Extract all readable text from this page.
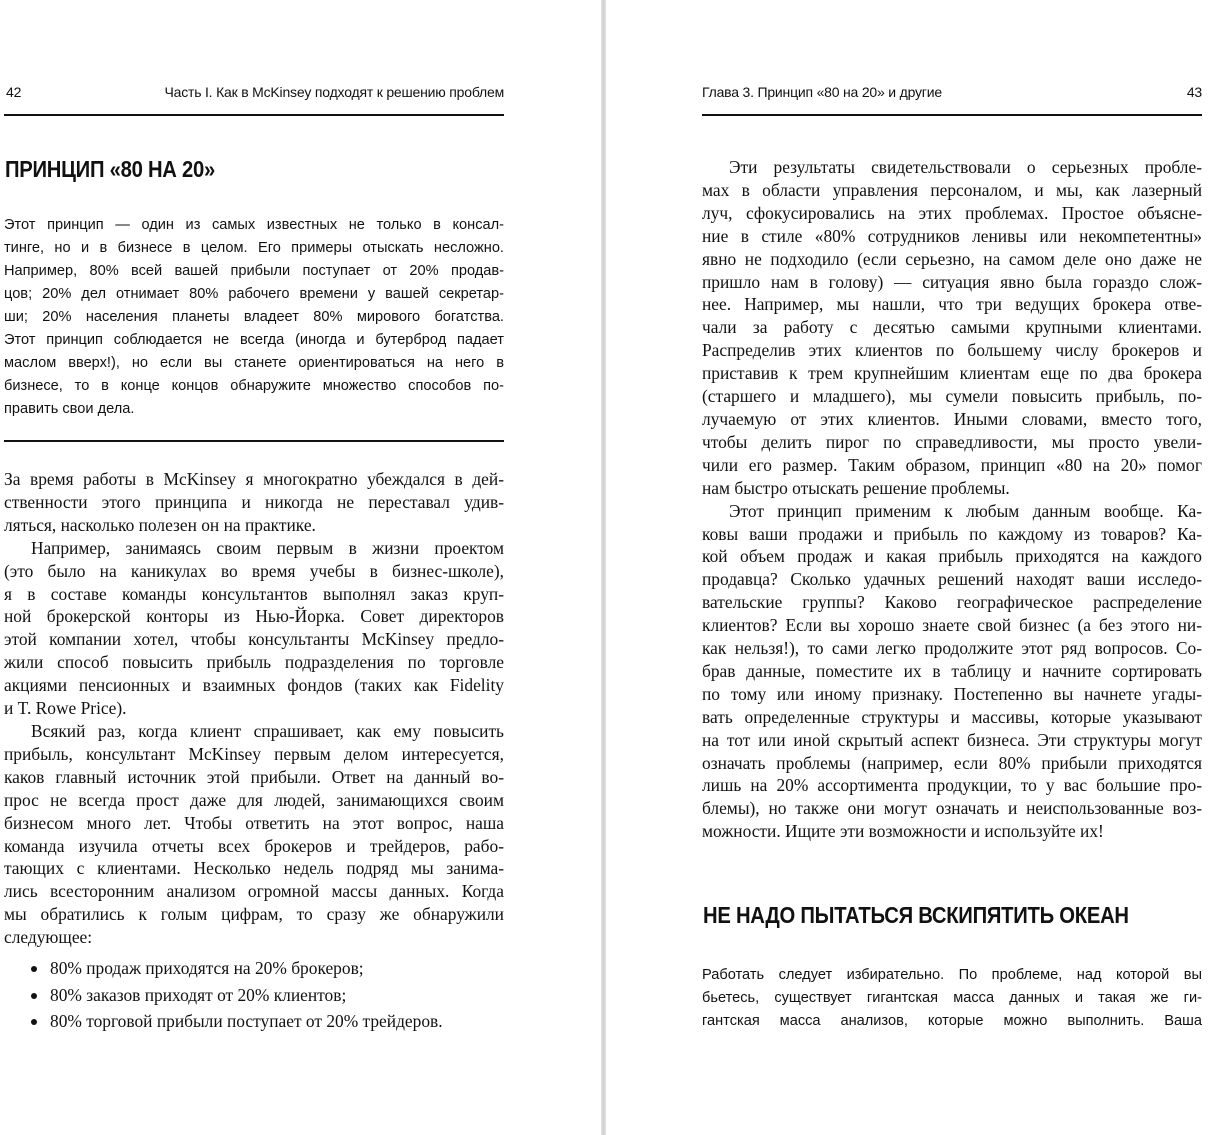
42	Часть I. Как в McKinsey подходят к решению проблем
ПРИНЦИП «80 НА 20»
Этот принцип — один из самых известных не только в консал-
тинге, но и в бизнесе в целом. Его примеры отыскать несложно.
Например, 80% всей вашей прибыли поступает от 20% продав-
цов; 20% дел отнимает 80% рабочего времени у вашей секретар-
ши; 20% населения планеты владеет 80% мирового богатства.
Этот принцип соблюдается не всегда (иногда и бутерброд падает
маслом вверх!), но если вы станете ориентироваться на него в
бизнесе, то в конце концов обнаружите множество способов по-
править свои дела.
За время работы в McKinsey я многократно убеждался в дей-
ственности этого принципа и никогда не переставал удив-
ляться, насколько полезен он на практике.
Например, занимаясь своим первым в жизни проектом
(это было на каникулах во время учебы в бизнес-школе),
я в составе команды консультантов выполнял заказ круп-
ной брокерской конторы из Нью-Йорка. Совет директоров
этой компании хотел, чтобы консультанты McKinsey предло-
жили способ повысить прибыль подразделения по торговле
акциями пенсионных и взаимных фондов (таких как Fidelity
и T. Rowe Price).
Всякий раз, когда клиент спрашивает, как ему повысить
прибыль, консультант McKinsey первым делом интересуется,
каков главный источник этой прибыли. Ответ на данный во-
прос не всегда прост даже для людей, занимающихся своим
бизнесом много лет. Чтобы ответить на этот вопрос, наша
команда изучила отчеты всех брокеров и трейдеров, рабо-
тающих с клиентами. Несколько недель подряд мы занима-
лись всесторонним анализом огромной массы данных. Когда
мы обратились к голым цифрам, то сразу же обнаружили
следующее:
80% продаж приходятся на 20% брокеров;
80% заказов приходят от 20% клиентов;
80% торговой прибыли поступает от 20% трейдеров.
Глава 3. Принцип «80 на 20» и другие	43
Эти результаты свидетельствовали о серьезных пробле-
мах в области управления персоналом, и мы, как лазерный
луч, сфокусировались на этих проблемах. Простое объясне-
ние в стиле «80% сотрудников ленивы или некомпетентны»
явно не подходило (если серьезно, на самом деле оно даже не
пришло нам в голову) — ситуация явно была гораздо слож-
нее. Например, мы нашли, что три ведущих брокера отве-
чали за работу с десятью самыми крупными клиентами.
Распределив этих клиентов по большему числу брокеров и
приставив к трем крупнейшим клиентам еще по два брокера
(старшего и младшего), мы сумели повысить прибыль, по-
лучаемую от этих клиентов. Иными словами, вместо того,
чтобы делить пирог по справедливости, мы просто увели-
чили его размер. Таким образом, принцип «80 на 20» помог
нам быстро отыскать решение проблемы.
Этот принцип применим к любым данным вообще. Ка-
ковы ваши продажи и прибыль по каждому из товаров? Ка-
кой объем продаж и какая прибыль приходятся на каждого
продавца? Сколько удачных решений находят ваши исследо-
вательские группы? Каково географическое распределение
клиентов? Если вы хорошо знаете свой бизнес (а без этого ни-
как нельзя!), то сами легко продолжите этот ряд вопросов. Со-
брав данные, поместите их в таблицу и начните сортировать
по тому или иному признаку. Постепенно вы начнете угады-
вать определенные структуры и массивы, которые указывают
на тот или иной скрытый аспект бизнеса. Эти структуры могут
означать проблемы (например, если 80% прибыли приходятся
лишь на 20% ассортимента продукции, то у вас большие про-
блемы), но также они могут означать и неиспользованные воз-
можности. Ищите эти возможности и используйте их!
НЕ НАДО ПЫТАТЬСЯ ВСКИПЯТИТЬ ОКЕАН
Работать следует избирательно. По проблеме, над которой вы
бьетесь, существует гигантская масса данных и такая же ги-
гантская масса анализов, которые можно выполнить. Ваша
